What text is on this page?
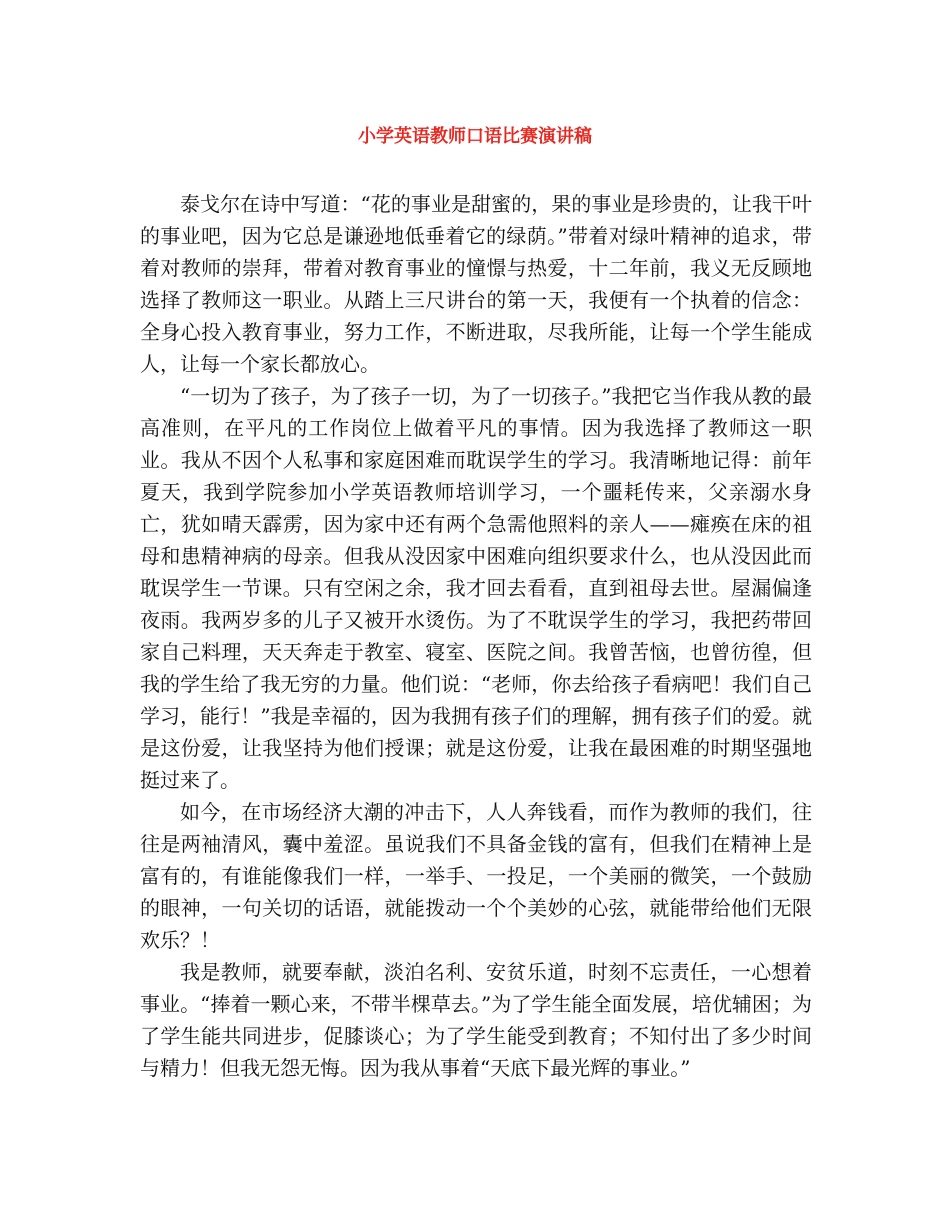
小学英语教师口语比赛演讲稿

泰戈尔在诗中写道：“花的事业是甜蜜的，果的事业是珍贵的，让我干叶的事业吧，因为它总是谦逊地低垂着它的绿荫。”带着对绿叶精神的追求，带着对教师的崇拜，带着对教育事业的憧憬与热爱，十二年前，我义无反顾地选择了教师这一职业。从踏上三尺讲台的第一天，我便有一个执着的信念：全身心投入教育事业，努力工作，不断进取，尽我所能，让每一个学生能成人，让每一个家长都放心。

“一切为了孩子，为了孩子一切，为了一切孩子。”我把它当作我从教的最高准则，在平凡的工作岗位上做着平凡的事情。因为我选择了教师这一职业。我从不因个人私事和家庭困难而耽误学生的学习。我清晰地记得：前年夏天，我到学院参加小学英语教师培训学习，一个噩耗传来，父亲溺水身亡，犹如晴天霹雳，因为家中还有两个急需他照料的亲人——瘫痪在床的祖母和患精神病的母亲。但我从没因家中困难向组织要求什么，也从没因此而耽误学生一节课。只有空闲之余，我才回去看看，直到祖母去世。屋漏偏逢夜雨。我两岁多的儿子又被开水烫伤。为了不耽误学生的学习，我把药带回家自己料理，天天奔走于教室、寝室、医院之间。我曾苦恼，也曾彷徨，但我的学生给了我无穷的力量。他们说：“老师，你去给孩子看病吧！我们自己学习，能行！”我是幸福的，因为我拥有孩子们的理解，拥有孩子们的爱。就是这份爱，让我坚持为他们授课；就是这份爱，让我在最困难的时期坚强地挺过来了。

如今，在市场经济大潮的冲击下，人人奔钱看，而作为教师的我们，往往是两袖清风，囊中羞涩。虽说我们不具备金钱的富有，但我们在精神上是富有的，有谁能像我们一样，一举手、一投足，一个美丽的微笑，一个鼓励的眼神，一句关切的话语，就能拨动一个个美妙的心弦，就能带给他们无限欢乐？！

我是教师，就要奉献，淡泊名利、安贫乐道，时刻不忘责任，一心想着事业。“捧着一颗心来，不带半棵草去。”为了学生能全面发展，培优辅困；为了学生能共同进步，促膝谈心；为了学生能受到教育；不知付出了多少时间与精力！但我无怨无悔。因为我从事着“天底下最光辉的事业。”
